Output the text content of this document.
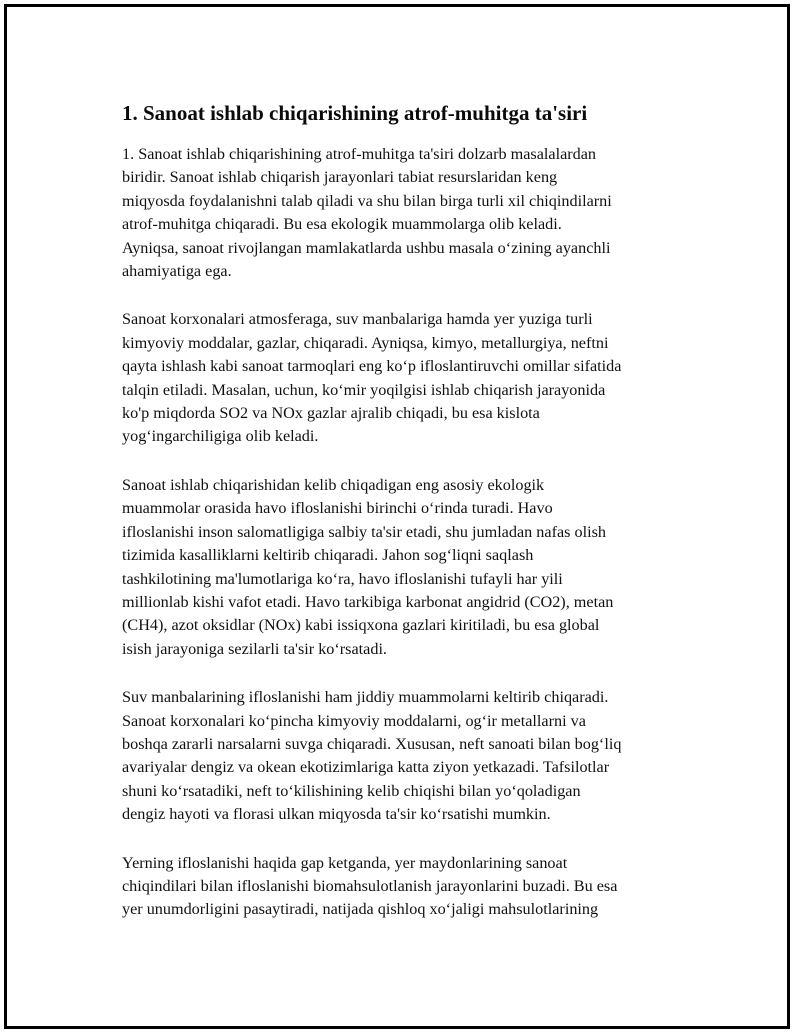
1. Sanoat ishlab chiqarishining atrof-muhitga ta'siri
1. Sanoat ishlab chiqarishining atrof-muhitga ta'siri dolzarb masalalardan
biridir. Sanoat ishlab chiqarish jarayonlari tabiat resurslaridan keng
miqyosda foydalanishni talab qiladi va shu bilan birga turli xil chiqindilarni
atrof-muhitga chiqaradi. Bu esa ekologik muammolarga olib keladi.
Ayniqsa, sanoat rivojlangan mamlakatlarda ushbu masala o‘zining ayanchli
ahamiyatiga ega.
Sanoat korxonalari atmosferaga, suv manbalariga hamda yer yuziga turli
kimyoviy moddalar, gazlar, chiqaradi. Ayniqsa, kimyo, metallurgiya, neftni
qayta ishlash kabi sanoat tarmoqlari eng ko‘p ifloslantiruvchi omillar sifatida
talqin etiladi. Masalan, uchun, ko‘mir yoqilgisi ishlab chiqarish jarayonida
ko'p miqdorda SO2 va NOx gazlar ajralib chiqadi, bu esa kislota
yog‘ingarchiligiga olib keladi.
Sanoat ishlab chiqarishidan kelib chiqadigan eng asosiy ekologik
muammolar orasida havo ifloslanishi birinchi o‘rinda turadi. Havo
ifloslanishi inson salomatligiga salbiy ta'sir etadi, shu jumladan nafas olish
tizimida kasalliklarni keltirib chiqaradi. Jahon sog‘liqni saqlash
tashkilotining ma'lumotlariga ko‘ra, havo ifloslanishi tufayli har yili
millionlab kishi vafot etadi. Havo tarkibiga karbonat angidrid (CO2), metan
(CH4), azot oksidlar (NOx) kabi issiqxona gazlari kiritiladi, bu esa global
isish jarayoniga sezilarli ta'sir ko‘rsatadi.
Suv manbalarining ifloslanishi ham jiddiy muammolarni keltirib chiqaradi.
Sanoat korxonalari ko‘pincha kimyoviy moddalarni, og‘ir metallarni va
boshqa zararli narsalarni suvga chiqaradi. Xususan, neft sanoati bilan bog‘liq
avariyalar dengiz va okean ekotizimlariga katta ziyon yetkazadi. Tafsilotlar
shuni ko‘rsatadiki, neft to‘kilishining kelib chiqishi bilan yo‘qoladigan
dengiz hayoti va florasi ulkan miqyosda ta'sir ko‘rsatishi mumkin.
Yerning ifloslanishi haqida gap ketganda, yer maydonlarining sanoat
chiqindilari bilan ifloslanishi biomahsulotlanish jarayonlarini buzadi. Bu esa
yer unumdorligini pasaytiradi, natijada qishloq xo‘jaligi mahsulotlarining
